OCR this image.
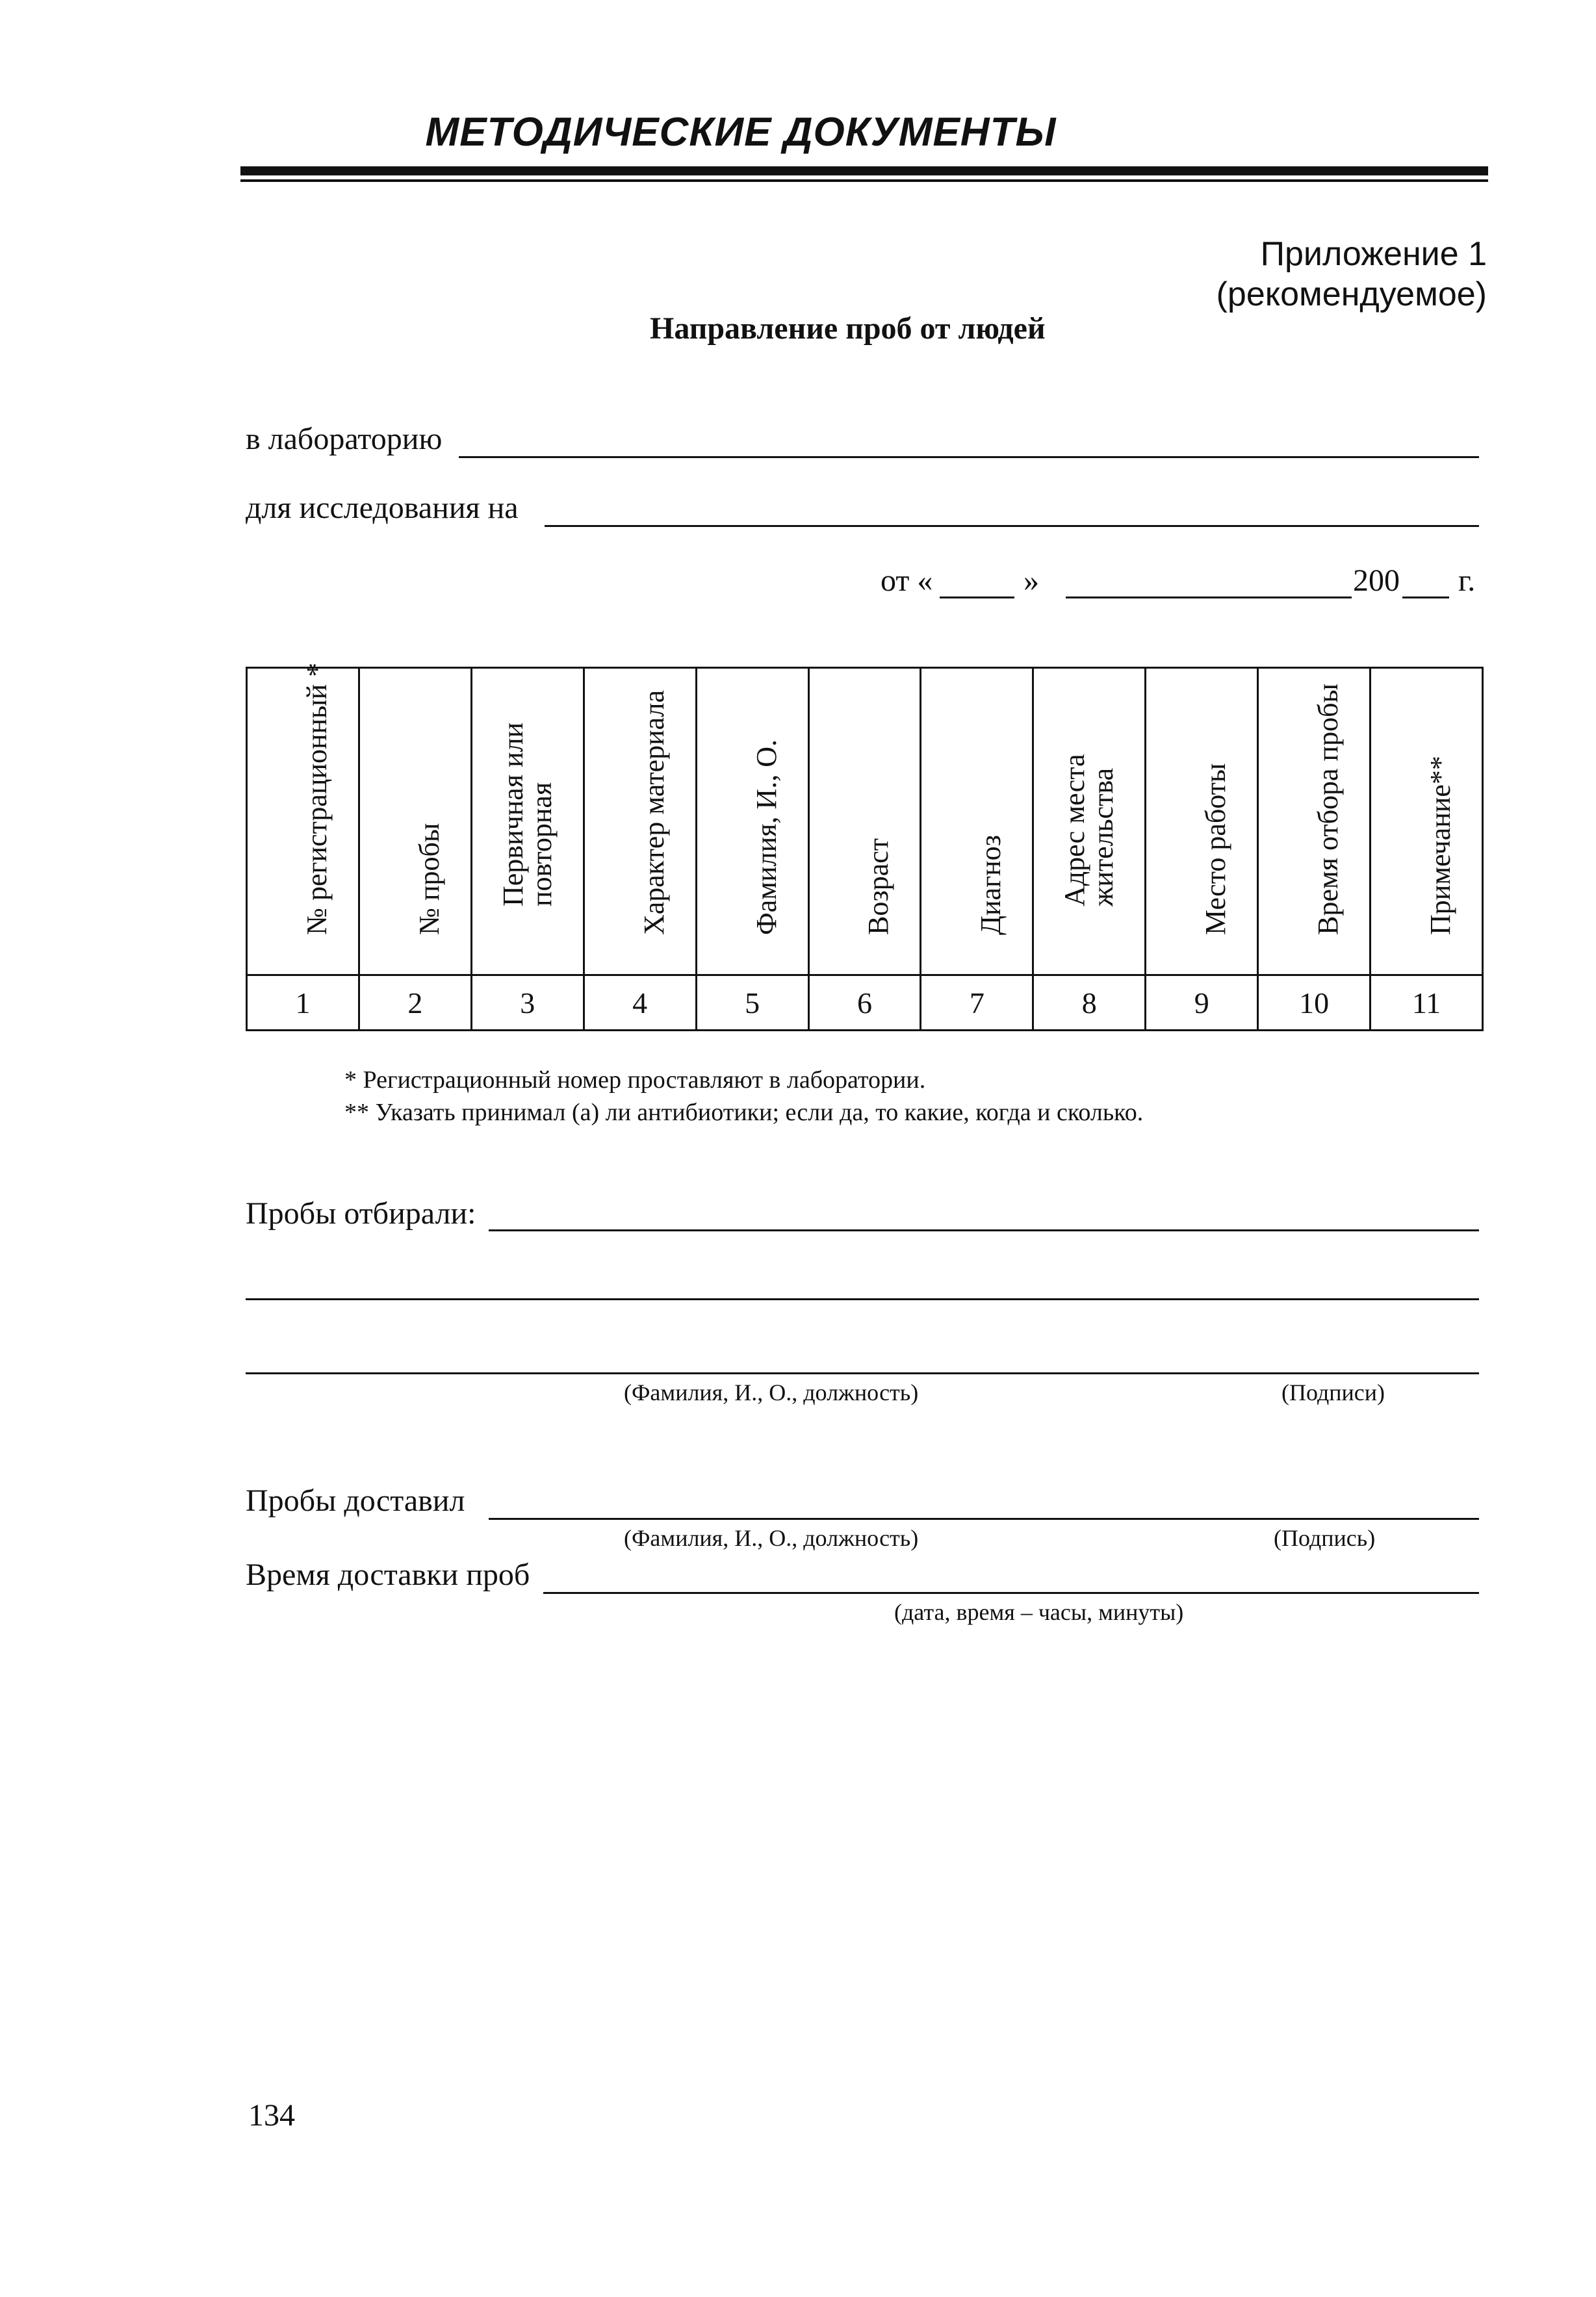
МЕТОДИЧЕСКИЕ ДОКУМЕНТЫ
Приложение 1
(рекомендуемое)
Направление проб от людей
в лабораторию
для исследования на
от «	»	200 г.
№ регистрационный *	№ пробы	Первичная или повторная	Характер материала	Фамилия, И., О.	Возраст	Диагноз	Адрес места жительства	Место работы	Время отбора пробы	Примечание**

1	2	3	4	5	6	7	8	9	10	11
* Регистрационный номер проставляют в лаборатории.
** Указать принимал (а) ли антибиотики; если да, то какие, когда и сколько.
Пробы отбирали:
(Фамилия, И., О., должность)	(Подписи)
Пробы доставил
(Фамилия, И., О., должность)	(Подпись)
Время доставки проб
(дата, время – часы, минуты)
134
